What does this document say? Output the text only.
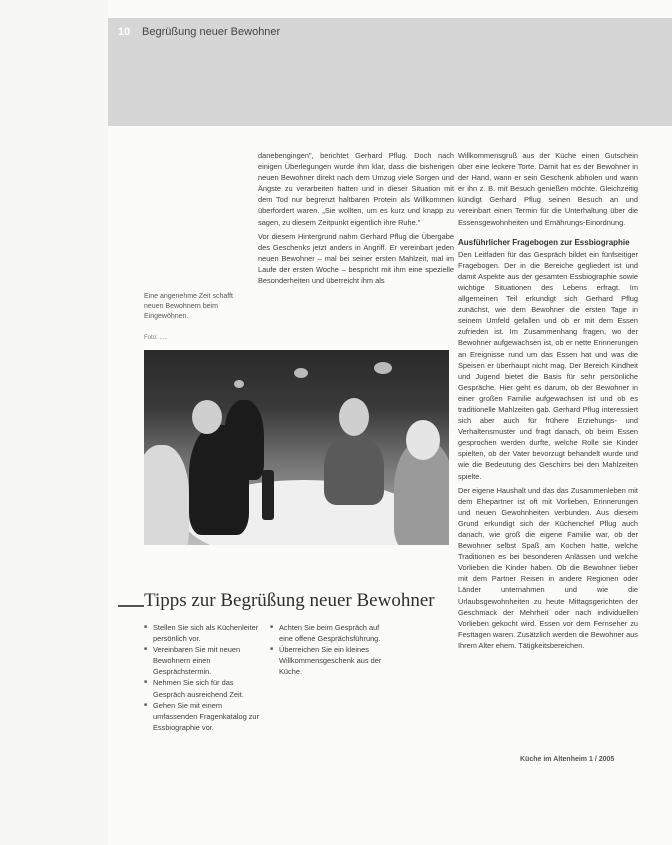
10 Begrüßung neuer Bewohner

danebengingen", berichtet Gerhard Pflug. Doch nach einigen Überlegungen wurde ihm klar, dass die bisherigen neuen Bewohner direkt nach dem Umzug viele Sorgen und Ängste zu verarbeiten hatten und in dieser Situation mit dem Tod nur begrenzt haltbaren Protein als Willkommen überfordert waren. „Sie wollten, um es kurz und knapp zu sagen, zu diesem Zeitpunkt eigentlich ihre Ruhe."

Vor diesem Hintergrund nahm Gerhard Pflug die Übergabe des Geschenks jetzt anders in Angriff. Er vereinbart jeden neuen Bewohner – mal bei seiner ersten Mahlzeit, mal im Laufe der ersten Woche – bespricht mit ihm eine spezielle Besonderheiten und überreicht ihm als

Willkommensgruß aus der Küche einen Gutschein über eine leckere Torte. Damit hat es der Bewohner in der Hand, wann er sein Geschenk abholen und wann er ihn z. B. mit Besuch genießen möchte. Gleichzeitig kündigt Gerhard Pflug seinen Besuch an und vereinbart einen Termin für die Unterhaltung über die Essensgewohnheiten und Ernährungs-Einordnung.

Ausführlicher Fragebogen zur Essbiographie

Den Leitfaden für das Gespräch bildet ein fünfseitiger Fragebogen. Der in die Bereiche gegliedert ist und damit Aspekte aus der gesamten Essbiographie sowie wichtige Situationen des Lebens erfragt. Im allgemeinen Teil erkundigt sich Gerhard Pflug zunächst, wie dem Bewohner die ersten Tage in seinem Umfeld gefallen und ob er mit dem Essen zufrieden ist. Im Zusammenhang fragen, wo der Bewohner aufgewachsen ist, ob er nette Erinnerungen an Ereignisse rund um das Essen hat und was die Speisen er überhaupt nicht mag. Der Bereich Kindheit und Jugend bietet die Basis für sehr persönliche Gespräche. Hier geht es darum, ob der Bewohner in einer großen Familie aufgewachsen ist und ob es traditionelle Mahlzeiten gab. Gerhard Pflug interessiert sich aber auch für frühere Erziehungs- und Verhaltensmuster und fragt danach, ob beim Essen gesprochen werden durfte, welche Rolle sie Kinder spielten, ob der Vater bevorzugt behandelt wurde und wie die Bedeutung des Geschirrs bei den Mahlzeiten spielte.

Der eigene Haushalt und das das Zusammenleben mit dem Ehepartner ist oft mit Vorlieben, Erinnerungen und neuen Gewohnheiten verbunden. Aus diesem Grund erkundigt sich der Küchenchef Pflug auch danach, wie groß die eigene Familie war, ob der Bewohner selbst Spaß am Kochen hatte, welche Traditionen es bei besonderen Anlässen und welche Vorlieben die Kinder haben. Ob die Bewohner lieber mit dem Partner Reisen in andere Regionen oder Länder unternahmen und wie die Urlaubsgewohnheiten zu heute Mittagsgerichten der Geschmack der Mehrheit oder nach individuellen Vorlieben gekocht wird. Essen vor dem Fernseher zu Festtagen waren. Zusätzlich werden die Bewohner aus Ihrem Alter ehem. Tätigkeitsbereichen.

Eine angenehme Zeit schafft neuen Bewohnern beim Eingewöhnen.
Foto: .....
Tipps zur Begrüßung neuer Bewohner
■ Stellen Sie sich als Küchenleiter persönlich vor.
■ Vereinbaren Sie mit neuen Bewohnern einen Gesprächstermin.
■ Nehmen Sie sich für das Gespräch ausreichend Zeit.
■ Gehen Sie mit einem umfassenden Fragenkatalog zur Essbiographie vor.
■ Achten Sie beim Gespräch auf eine offene Gesprächsführung.
■ Überreichen Sie ein kleines Willkommensgeschenk aus der Küche.
Küche im Altenheim 1 / 2005
